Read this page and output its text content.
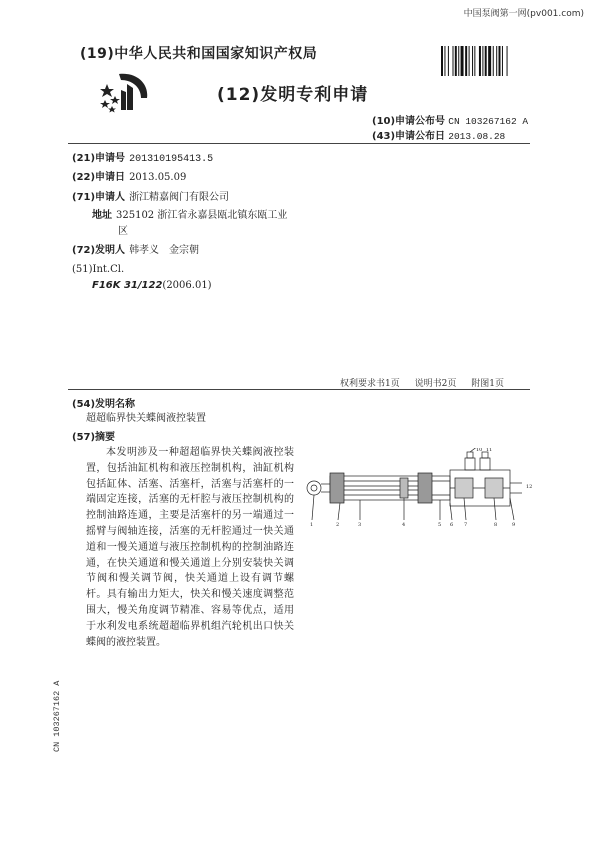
中国泵阀第一网(pv001.com)
(19)中华人民共和国国家知识产权局
(12)发明专利申请
(10)申请公布号 CN 103267162 A
(43)申请公布日 2013.08.28
(21)申请号 201310195413.5
(22)申请日 2013.05.09
(71)申请人 浙江精嘉阀门有限公司
地址 325102 浙江省永嘉县瓯北镇东瓯工业
区
(72)发明人 韩孝义　金宗朝
(51)Int.Cl.
F16K 31/122(2006.01)
权利要求书1页 说明书2页 附图1页
(54)发明名称
超超临界快关蝶阀液控装置
(57)摘要

本发明涉及一种超超临界快关蝶阀液控装置，包括油缸机构和液压控制机构，油缸机构包括缸体、活塞、活塞杆，活塞与活塞杆的一端固定连接，活塞的无杆腔与液压控制机构的控制油路连通，主要是活塞杆的另一端通过一摇臂与阀轴连接，活塞的无杆腔通过一快关通道和一慢关通道与液压控制机构的控制油路连通，在快关通道和慢关通道上分别安装快关调节阀和慢关调节阀，快关通道上设有调节螺杆。具有输出力矩大，快关和慢关速度调整范围大，慢关角度调节精准、容易等优点，适用于水利发电系统超超临界机组汽轮机出口快关蝶阀的液控装置。

1	2	3	4	5 6 7	8	9
10 11
12
CN 103267162 A
